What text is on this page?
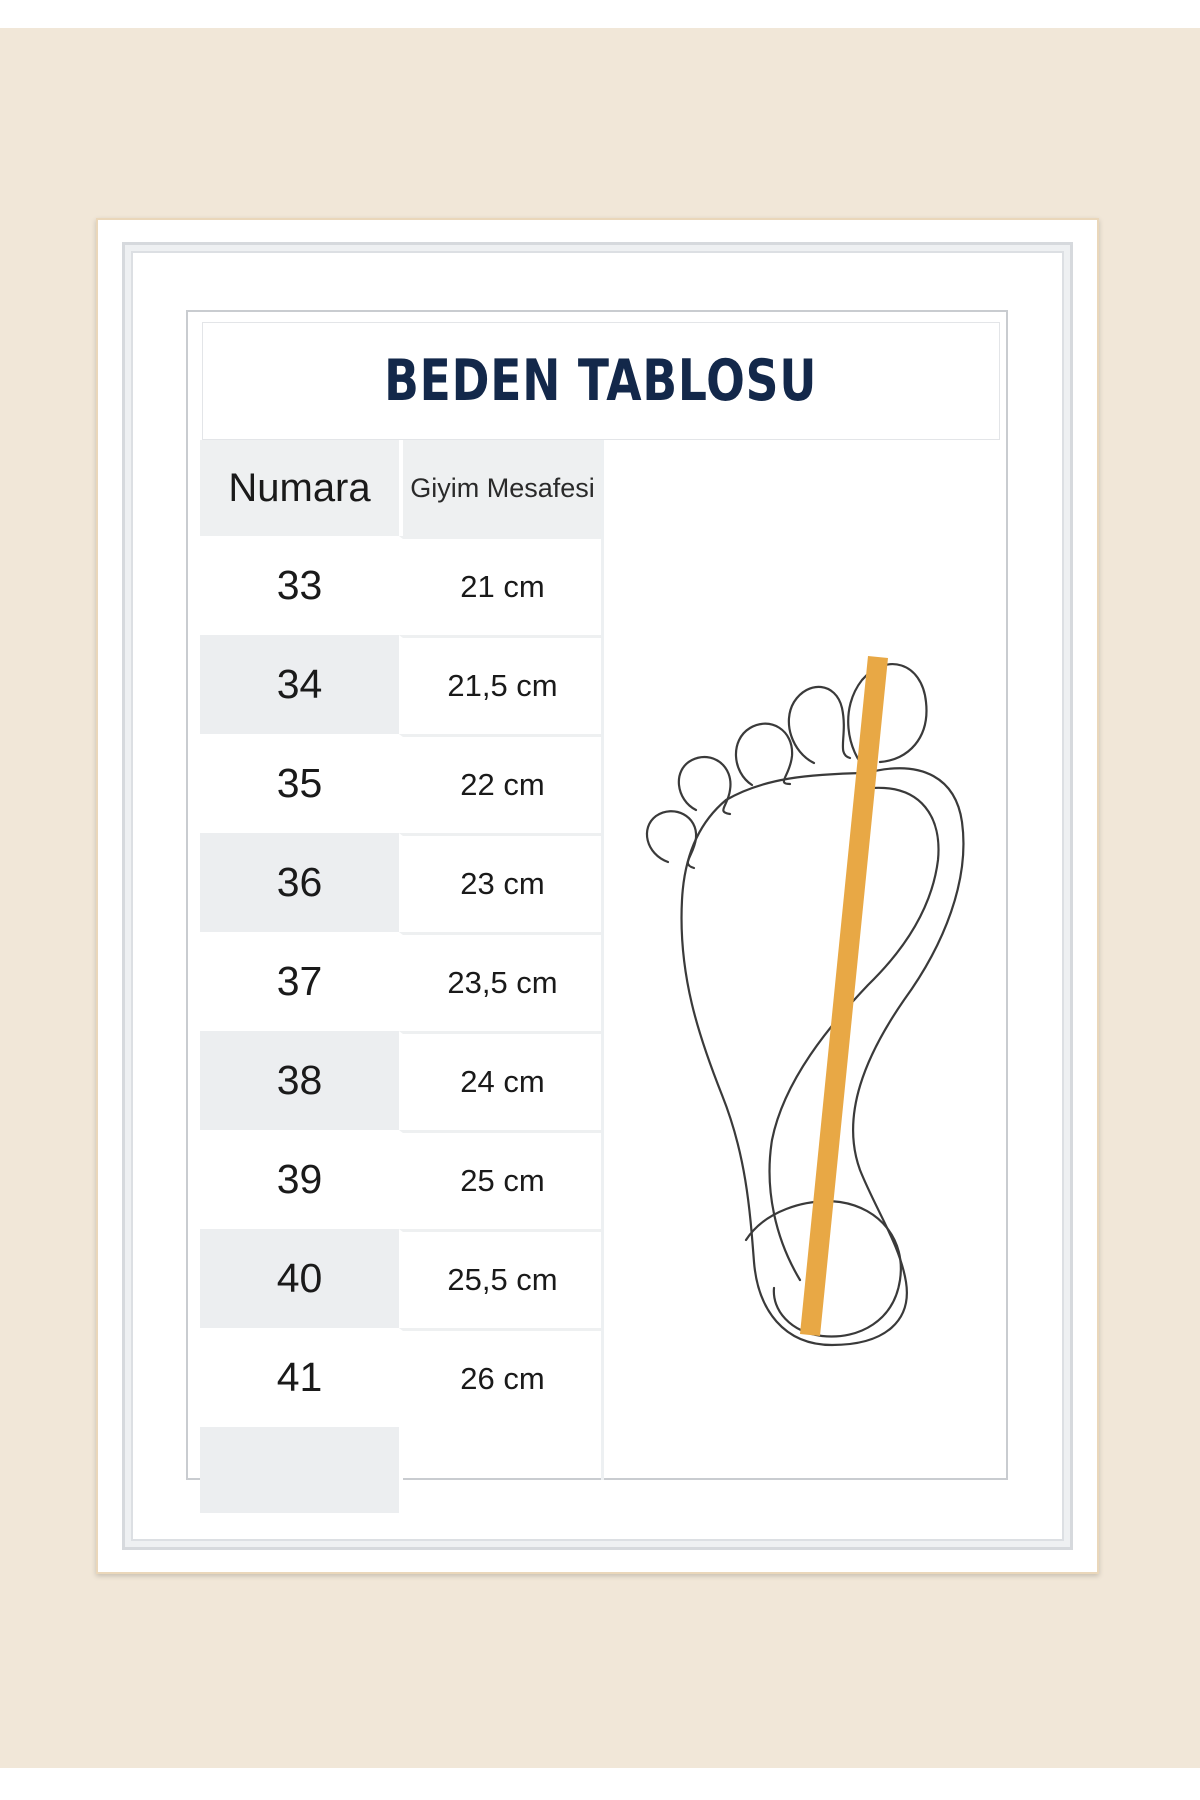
BEDEN TABLOSU
Numara	Giyim Mesafesi
33	21 cm
34	21,5 cm
35	22 cm
36	23 cm
37	23,5 cm
38	24 cm
39	25 cm
40	25,5 cm
41	26 cm
